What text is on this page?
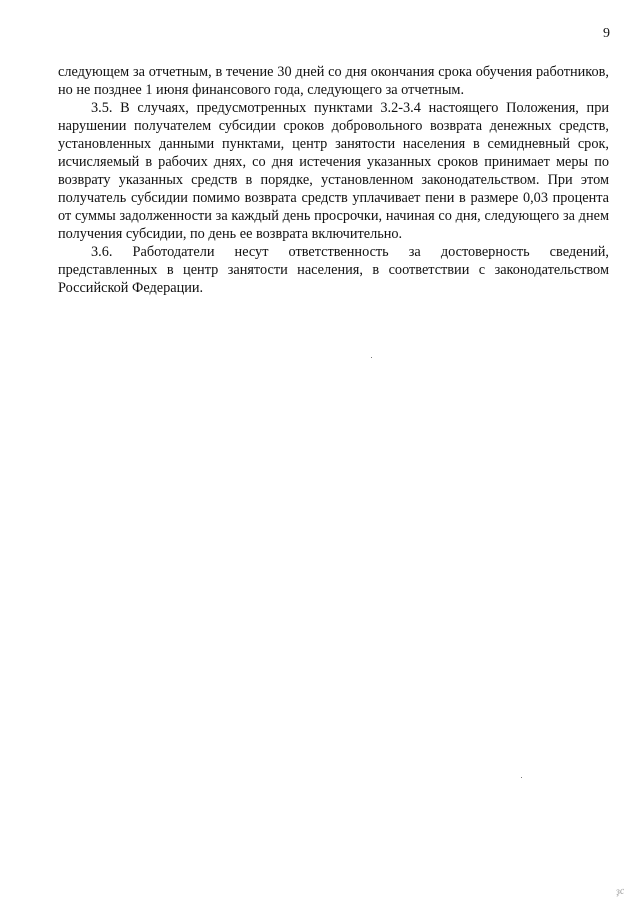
9

следующем за отчетным, в течение 30 дней со дня окончания срока обучения работников, но не позднее 1 июня финансового года, следующего за отчетным.

3.5. В случаях, предусмотренных пунктами 3.2-3.4 настоящего Положения, при нарушении получателем субсидии сроков добровольного возврата денежных средств, установленных данными пунктами, центр занятости населения в семидневный срок, исчисляемый в рабочих днях, со дня истечения указанных сроков принимает меры по возврату указанных средств в порядке, установленном законодательством. При этом получатель субсидии помимо возврата средств уплачивает пени в размере 0,03 процента от суммы задолженности за каждый день просрочки, начиная со дня, следующего за днем получения субсидии, по день ее возврата включительно.

3.6. Работодатели несут ответственность за достоверность сведений, представленных в центр занятости населения, в соответствии с законодательством Российской Федерации.

ҙс
